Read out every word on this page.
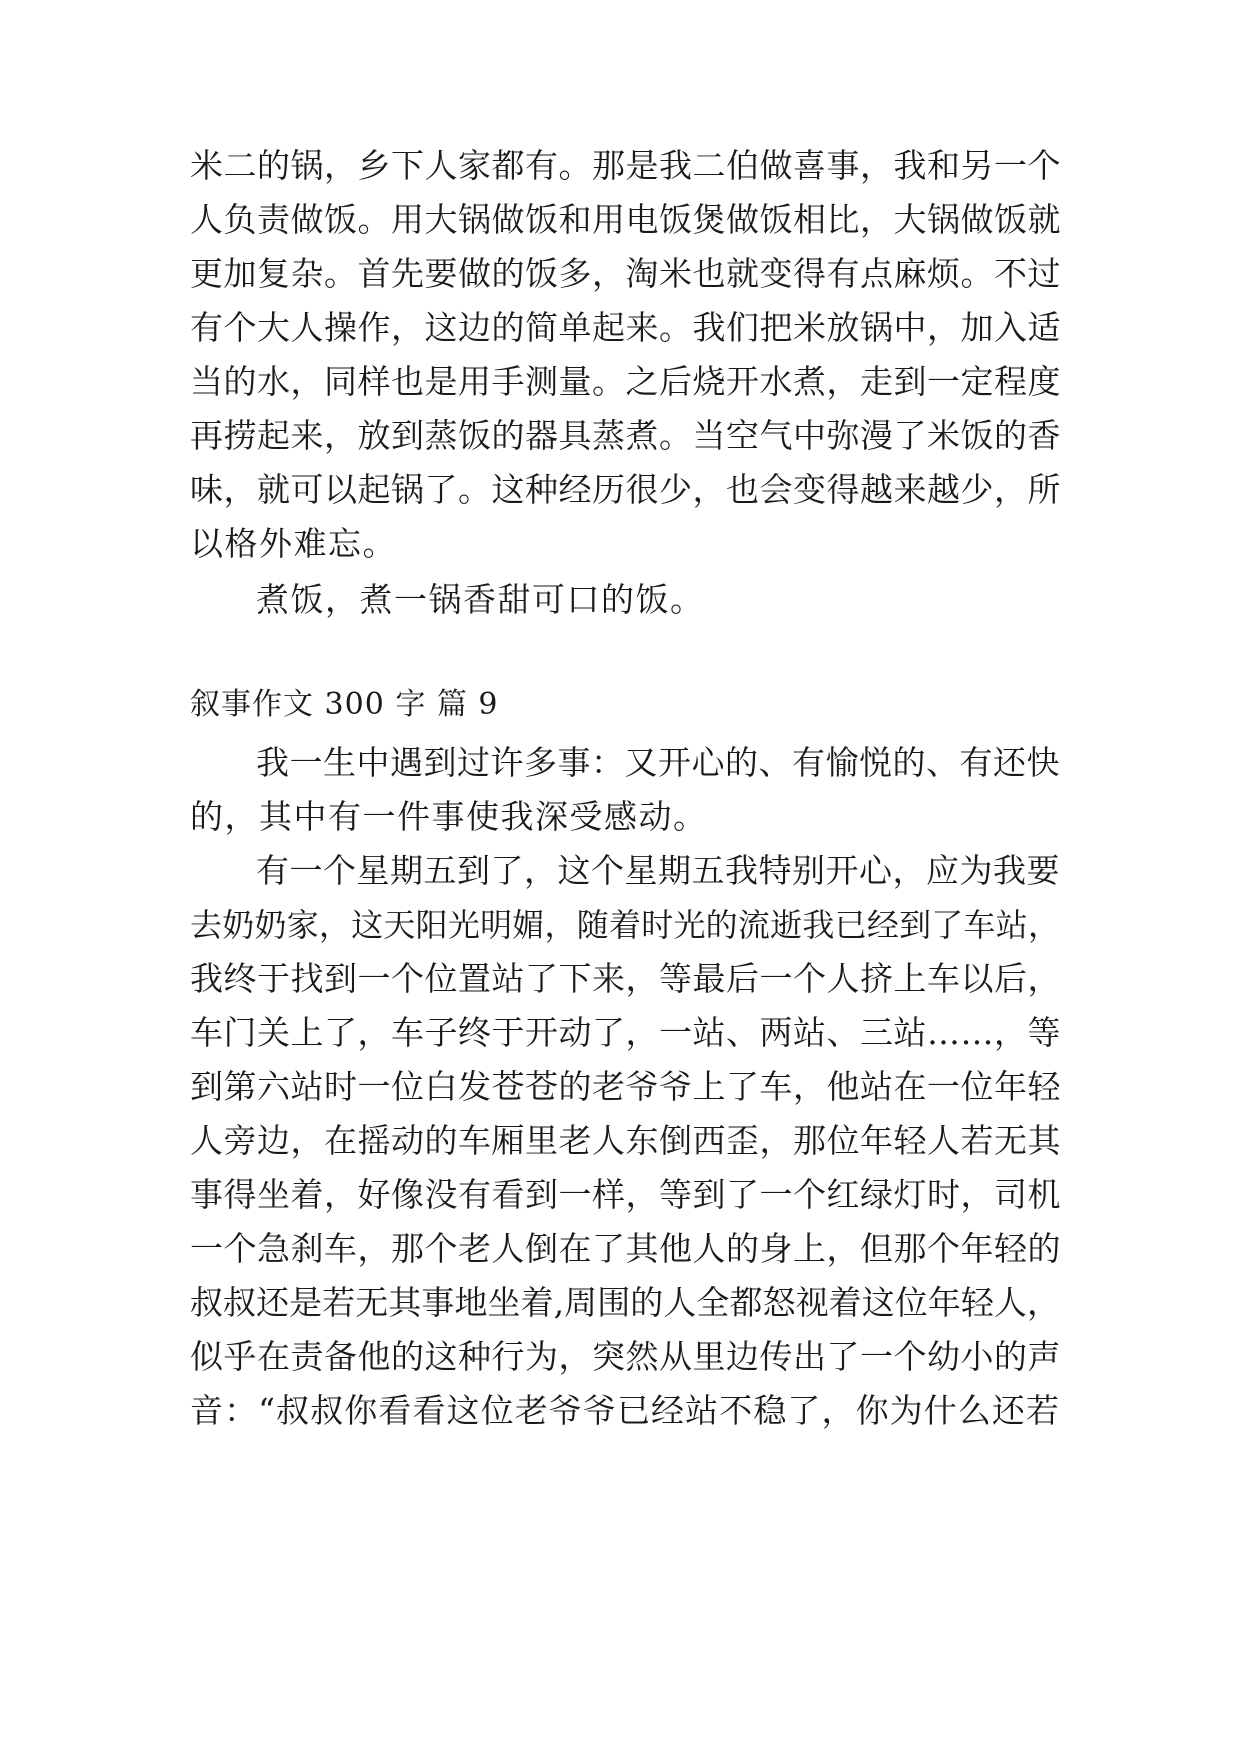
米二的锅，乡下人家都有。那是我二伯做喜事，我和另一个
人负责做饭。用大锅做饭和用电饭煲做饭相比，大锅做饭就
更加复杂。首先要做的饭多，淘米也就变得有点麻烦。不过
有个大人操作，这边的简单起来。我们把米放锅中，加入适
当的水，同样也是用手测量。之后烧开水煮，走到一定程度
再捞起来，放到蒸饭的器具蒸煮。当空气中弥漫了米饭的香
味，就可以起锅了。这种经历很少，也会变得越来越少，所
以格外难忘。
煮饭，煮一锅香甜可口的饭。
叙事作文 300 字 篇 9
我一生中遇到过许多事：又开心的、有愉悦的、有还快
的，其中有一件事使我深受感动。
有一个星期五到了，这个星期五我特别开心，应为我要
去奶奶家，这天阳光明媚，随着时光的流逝我已经到了车站，
我终于找到一个位置站了下来，等最后一个人挤上车以后，
车门关上了，车子终于开动了，一站、两站、三站……，等
到第六站时一位白发苍苍的老爷爷上了车，他站在一位年轻
人旁边，在摇动的车厢里老人东倒西歪，那位年轻人若无其
事得坐着，好像没有看到一样，等到了一个红绿灯时，司机
一个急刹车，那个老人倒在了其他人的身上，但那个年轻的
叔叔还是若无其事地坐着,周围的人全都怒视着这位年轻人，
似乎在责备他的这种行为，突然从里边传出了一个幼小的声
音：“叔叔你看看这位老爷爷已经站不稳了，你为什么还若
